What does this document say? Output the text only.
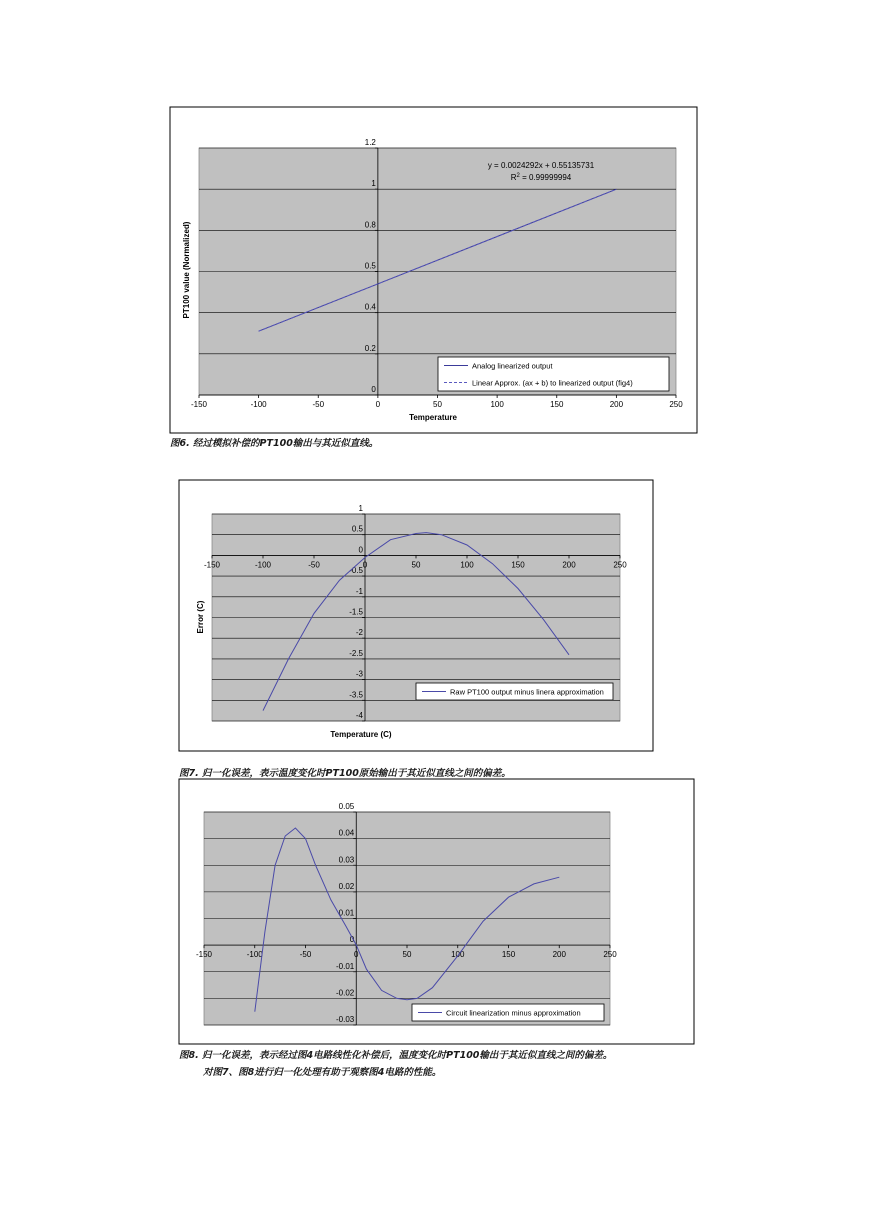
0
0.2
0.4
0.5
0.8
1
1.2
-150	-100	-50	0	50	100	150	200	250
Temperature
PT100 value (Normalized)
Analog linearized output
Linear Approx. (ax + b) to linearized output (fig4)
y = 0.0024292x + 0.55135731
$R^2 = 0.99999994$
-4
-3.5
-3
-2.5
-2
-1.5
-1
-0.5
0
0.5
1
-150	-100	-50	0	50	100	150	200	250
Temperature (C)
Error (C)
Raw PT100 output minus linera approximation
-0.03
-0.02
-0.01
0
0.01
0.02
0.03
0.04
0.05
-150	-100	-50	0	50	100	150	200	250
Circuit linearization minus approximation
图6. 经过模拟补偿的PT100输出与其近似直线。
图7. 归一化误差，表示温度变化时PT100原始输出于其近似直线之间的偏差。
图8. 归一化误差，表示经过图4电路线性化补偿后，温度变化时PT100输出于其近似直线之间的偏差。
对图7、图8进行归一化处理有助于观察图4电路的性能。
